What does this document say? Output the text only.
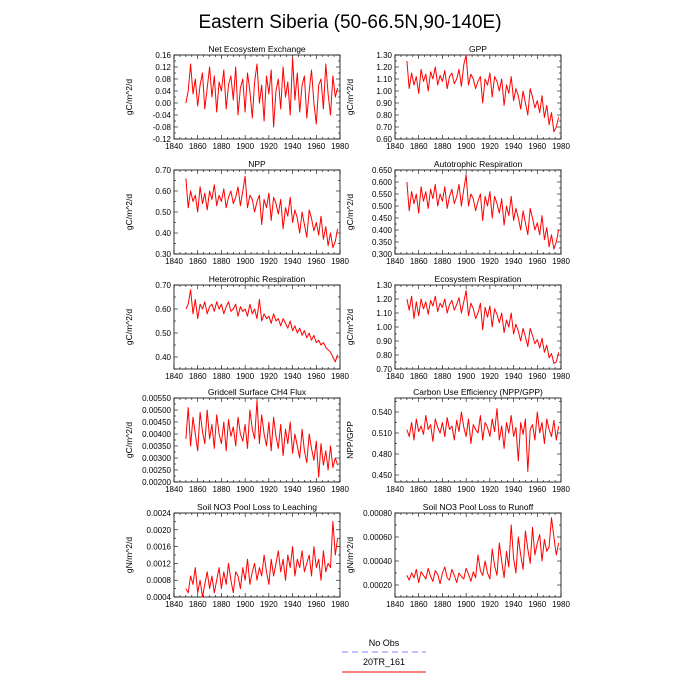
Eastern Siberia (50-66.5N,90-140E)
Net Ecosystem Exchange
1840 1860 1880 1900 1920 1940 1960 1980
-0.12
-0.08
-0.04
0.00
0.04
0.08
0.12
0.16
gC/m^2/d
GPP
1840 1860 1880 1900 1920 1940 1960 1980
0.60
0.70
0.80
0.90
1.00
1.10
1.20
1.30
gC/m^2/d
NPP
1840 1860 1880 1900 1920 1940 1960 1980
0.30
0.40
0.50
0.60
0.70
gC/m^2/d
Autotrophic Respiration
1840 1860 1880 1900 1920 1940 1960 1980
0.300
0.350
0.400
0.450
0.500
0.550
0.600
0.650
gC/m^2/d
Heterotrophic Respiration
1840 1860 1880 1900 1920 1940 1960 1980
0.40
0.50
0.60
0.70
gC/m^2/d
Ecosystem Respiration
1840 1860 1880 1900 1920 1940 1960 1980
0.70
0.80
0.90
1.00
1.10
1.20
1.30
gC/m^2/d
Gridcell Surface CH4 Flux
1840 1860 1880 1900 1920 1940 1960 1980
0.00200
0.00250
0.00300
0.00350
0.00400
0.00450
0.00500
0.00550
gC/m^2/d
Carbon Use Efficiency (NPP/GPP)
1840 1860 1880 1900 1920 1940 1960 1980
0.450
0.480
0.510
0.540
NPP/GPP
Soil NO3 Pool Loss to Leaching
1840 1860 1880 1900 1920 1940 1960 1980
0.0004
0.0008
0.0012
0.0016
0.0020
0.0024
gN/m^2/d
Soil NO3 Pool Loss to Runoff
1840 1860 1880 1900 1920 1940 1960 1980
0.00020
0.00040
0.00060
0.00080
gN/m^2/d
No Obs
20TR_161
